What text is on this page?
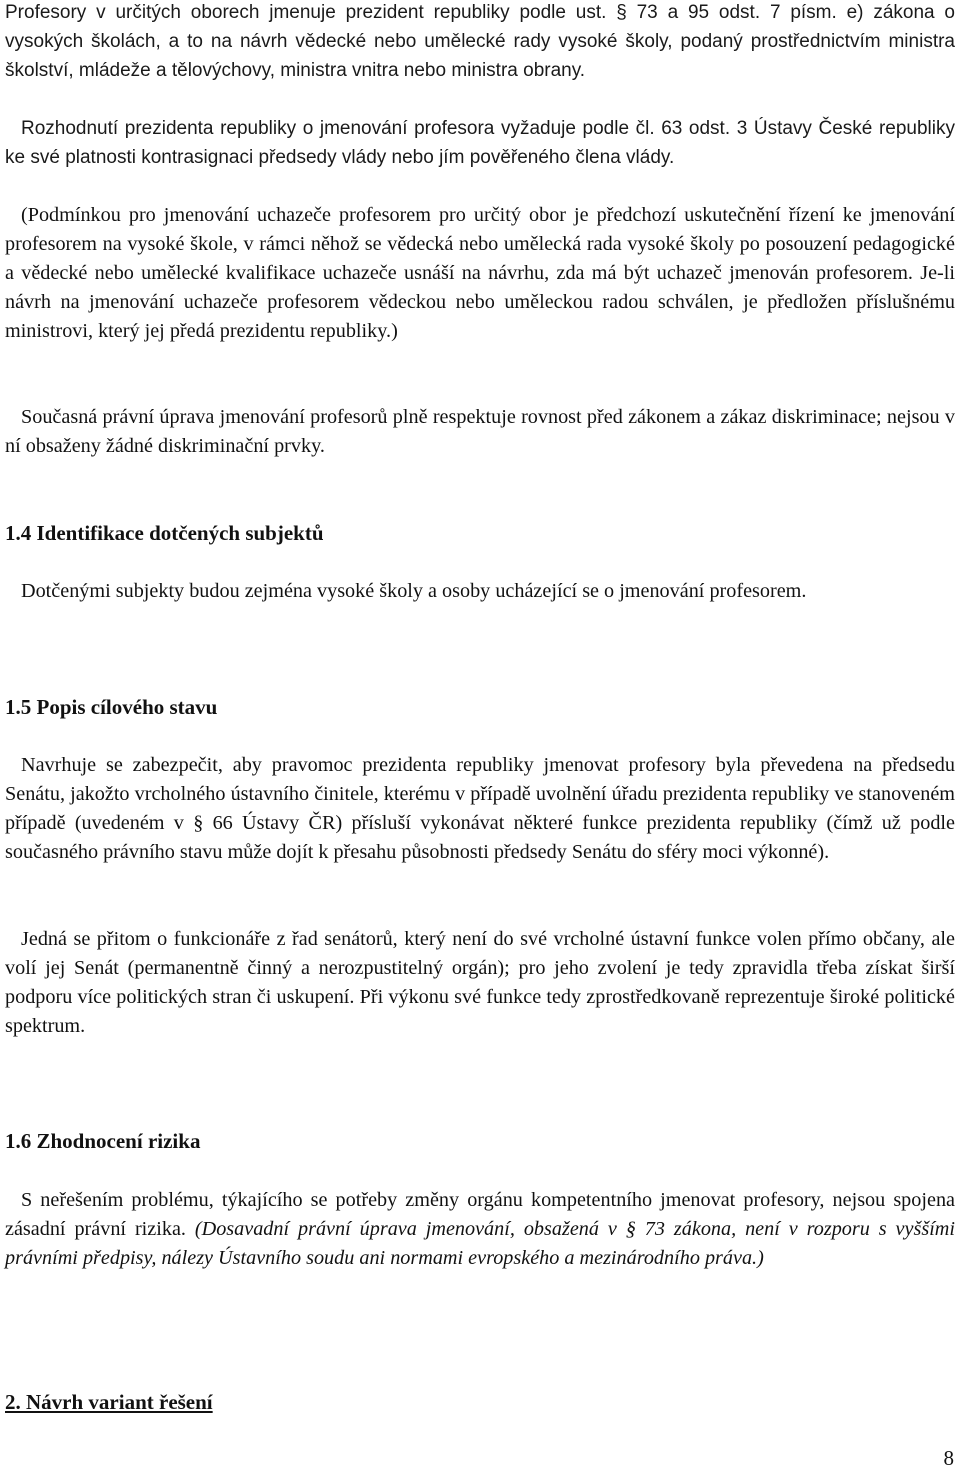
Profesory v určitých oborech jmenuje prezident republiky podle ust. § 73 a 95 odst. 7 písm. e) zákona o vysokých školách, a to na návrh vědecké nebo umělecké rady vysoké školy, podaný prostřednictvím ministra školství, mládeže a tělovýchovy, ministra vnitra nebo ministra obrany.

Rozhodnutí prezidenta republiky o jmenování profesora vyžaduje podle čl. 63 odst. 3 Ústavy České republiky ke své platnosti kontrasignaci předsedy vlády nebo jím pověřeného člena vlády.

(Podmínkou pro jmenování uchazeče profesorem pro určitý obor je předchozí uskutečnění řízení ke jmenování profesorem na vysoké škole, v rámci něhož se vědecká nebo umělecká rada vysoké školy po posouzení pedagogické a vědecké nebo umělecké kvalifikace uchazeče usnáší na návrhu, zda má být uchazeč jmenován profesorem. Je-li návrh na jmenování uchazeče profesorem vědeckou nebo uměleckou radou schválen, je předložen příslušnému ministrovi, který jej předá prezidentu republiky.)

Současná právní úprava jmenování profesorů plně respektuje rovnost před zákonem a zákaz diskriminace; nejsou v ní obsaženy žádné diskriminační prvky.

1.4 Identifikace dotčených subjektů

Dotčenými subjekty budou zejména vysoké školy a osoby ucházející se o jmenování profesorem.

1.5 Popis cílového stavu

Navrhuje se zabezpečit, aby pravomoc prezidenta republiky jmenovat profesory byla převedena na předsedu Senátu, jakožto vrcholného ústavního činitele, kterému v případě uvolnění úřadu prezidenta republiky ve stanoveném případě (uvedeném v § 66 Ústavy ČR) přísluší vykonávat některé funkce prezidenta republiky (čímž už podle současného právního stavu může dojít k přesahu působnosti předsedy Senátu do sféry moci výkonné).

Jedná se přitom o funkcionáře z řad senátorů, který není do své vrcholné ústavní funkce volen přímo občany, ale volí jej Senát (permanentně činný a nerozpustitelný orgán); pro jeho zvolení je tedy zpravidla třeba získat širší podporu více politických stran či uskupení. Při výkonu své funkce tedy zprostředkovaně reprezentuje široké politické spektrum.

1.6 Zhodnocení rizika

S neřešením problému, týkajícího se potřeby změny orgánu kompetentního jmenovat profesory, nejsou spojena zásadní právní rizika. (Dosavadní právní úprava jmenování, obsažená v § 73 zákona, není v rozporu s vyššími právními předpisy, nálezy Ústavního soudu ani normami evropského a mezinárodního práva.)

2. Návrh variant řešení
8
